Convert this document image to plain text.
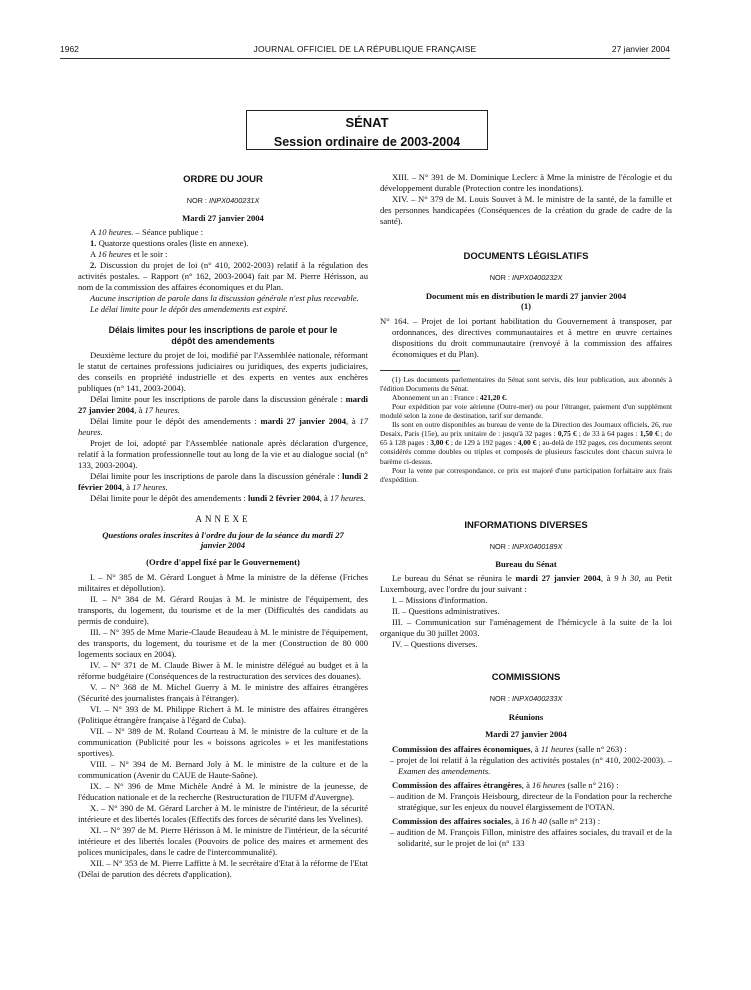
1962	JOURNAL OFFICIEL DE LA RÉPUBLIQUE FRANÇAISE	27 janvier 2004
SÉNAT
Session ordinaire de 2003-2004
ORDRE DU JOUR
NOR : INPX0400231X
Mardi 27 janvier 2004

A 10 heures. – Séance publique :

1. Quatorze questions orales (liste en annexe).

A 16 heures et le soir :

2. Discussion du projet de loi (n° 410, 2002-2003) relatif à la régulation des activités postales. – Rapport (n° 162, 2003-2004) fait par M. Pierre Hérisson, au nom de la commission des affaires économiques et du Plan.

Aucune inscription de parole dans la discussion générale n'est plus recevable.

Le délai limite pour le dépôt des amendements est expiré.

Délais limites pour les inscriptions de parole et pour le dépôt des amendements

Deuxième lecture du projet de loi, modifié par l'Assemblée nationale, réformant le statut de certaines professions judiciaires ou juridiques, des experts judiciaires, des conseils en propriété industrielle et des experts en ventes aux enchères publiques (n° 141, 2003-2004).

Délai limite pour les inscriptions de parole dans la discussion générale : mardi 27 janvier 2004, à 17 heures.

Délai limite pour le dépôt des amendements : mardi 27 janvier 2004, à 17 heures.

Projet de loi, adopté par l'Assemblée nationale après déclaration d'urgence, relatif à la formation professionnelle tout au long de la vie et au dialogue social (n° 133, 2003-2004).

Délai limite pour les inscriptions de parole dans la discussion générale : lundi 2 février 2004, à 17 heures.

Délai limite pour le dépôt des amendements : lundi 2 février 2004, à 17 heures.

ANNEXE
Questions orales inscrites à l'ordre du jour de la séance du mardi 27 janvier 2004
(Ordre d'appel fixé par le Gouvernement)

I. – N° 385 de M. Gérard Longuet à Mme la ministre de la défense (Friches militaires et dépollution).

II. – N° 384 de M. Gérard Roujas à M. le ministre de l'équipement, des transports, du logement, du tourisme et de la mer (Difficultés des candidats au permis de conduire).

III. – N° 395 de Mme Marie-Claude Beaudeau à M. le ministre de l'équipement, des transports, du logement, du tourisme et de la mer (Construction de 80 000 logements sociaux en 2004).

IV. – N° 371 de M. Claude Biwer à M. le ministre délégué au budget et à la réforme budgétaire (Conséquences de la restructuration des services des douanes).

V. – N° 368 de M. Michel Guerry à M. le ministre des affaires étrangères (Sécurité des journalistes français à l'étranger).

VI. – N° 393 de M. Philippe Richert à M. le ministre des affaires étrangères (Politique étrangère française à l'égard de Cuba).

VII. – N° 389 de M. Roland Courteau à M. le ministre de la culture et de la communication (Publicité pour les « boissons agricoles » et les manifestations sportives).

VIII. – N° 394 de M. Bernard Joly à M. le ministre de la culture et de la communication (Avenir du CAUE de Haute-Saône).

IX. – N° 396 de Mme Michèle André à M. le ministre de la jeunesse, de l'éducation nationale et de la recherche (Restructuration de l'IUFM d'Auvergne).

X. – N° 390 de M. Gérard Larcher à M. le ministre de l'intérieur, de la sécurité intérieure et des libertés locales (Effectifs des forces de sécurité dans les Yvelines).

XI. – N° 397 de M. Pierre Hérisson à M. le ministre de l'intérieur, de la sécurité intérieure et des libertés locales (Pouvoirs de police des maires et armement des polices municipales, dans le cadre de l'intercommunalité).

XII. – N° 353 de M. Pierre Laffitte à M. le secrétaire d'Etat à la réforme de l'Etat (Délai de parution des décrets d'application).

XIII. – N° 391 de M. Dominique Leclerc à Mme la ministre de l'écologie et du développement durable (Protection contre les inondations).

XIV. – N° 379 de M. Louis Souvet à M. le ministre de la santé, de la famille et des personnes handicapées (Conséquences de la création du grade de cadre de la santé).

DOCUMENTS LÉGISLATIFS
NOR : INPX0400232X
Document mis en distribution le mardi 27 janvier 2004 (1)

N° 164. – Projet de loi portant habilitation du Gouvernement à transposer, par ordonnances, des directives communautaires et à mettre en œuvre certaines dispositions du droit communautaire (renvoyé à la commission des affaires économiques et du Plan).

(1) Les documents parlementaires du Sénat sont servis, dès leur publication, aux abonnés à l'édition Documents du Sénat.

Abonnement un an : France : 421,20 €.

Pour expédition par voie aérienne (Outre-mer) ou pour l'étranger, paiement d'un supplément modulé selon la zone de destination, tarif sur demande.

Ils sont en outre disponibles au bureau de vente de la Direction des Journaux officiels, 26, rue Desaix, Paris (15e), au prix unitaire de : jusqu'à 32 pages : 0,75 € ; de 33 à 64 pages : 1,50 € ; de 65 à 128 pages : 3,00 € ; de 129 à 192 pages : 4,00 € ; au-delà de 192 pages, ces documents seront considérés comme doubles ou triples et composés de plusieurs fascicules dont chacun suivra le barème ci-dessus.

Pour la vente par correspondance, ce prix est majoré d'une participation forfaitaire aux frais d'expédition.

INFORMATIONS DIVERSES
NOR : INPX0400189X
Bureau du Sénat

Le bureau du Sénat se réunira le mardi 27 janvier 2004, à 9 h 30, au Petit Luxembourg, avec l'ordre du jour suivant :

I. – Missions d'information.

II. – Questions administratives.

III. – Communication sur l'aménagement de l'hémicycle à la suite de la loi organique du 30 juillet 2003.

IV. – Questions diverses.

COMMISSIONS
NOR : INPX0400233X
Réunions
Mardi 27 janvier 2004

Commission des affaires économiques, à 11 heures (salle n° 263) :

– projet de loi relatif à la régulation des activités postales (n° 410, 2002-2003). – Examen des amendements.

Commission des affaires étrangères, à 16 heures (salle n° 216) :

– audition de M. François Heisbourg, directeur de la Fondation pour la recherche stratégique, sur les enjeux du nouvel élargissement de l'OTAN.

Commission des affaires sociales, à 16 h 40 (salle n° 213) :

– audition de M. François Fillon, ministre des affaires sociales, du travail et de la solidarité, sur le projet de loi (n° 133
